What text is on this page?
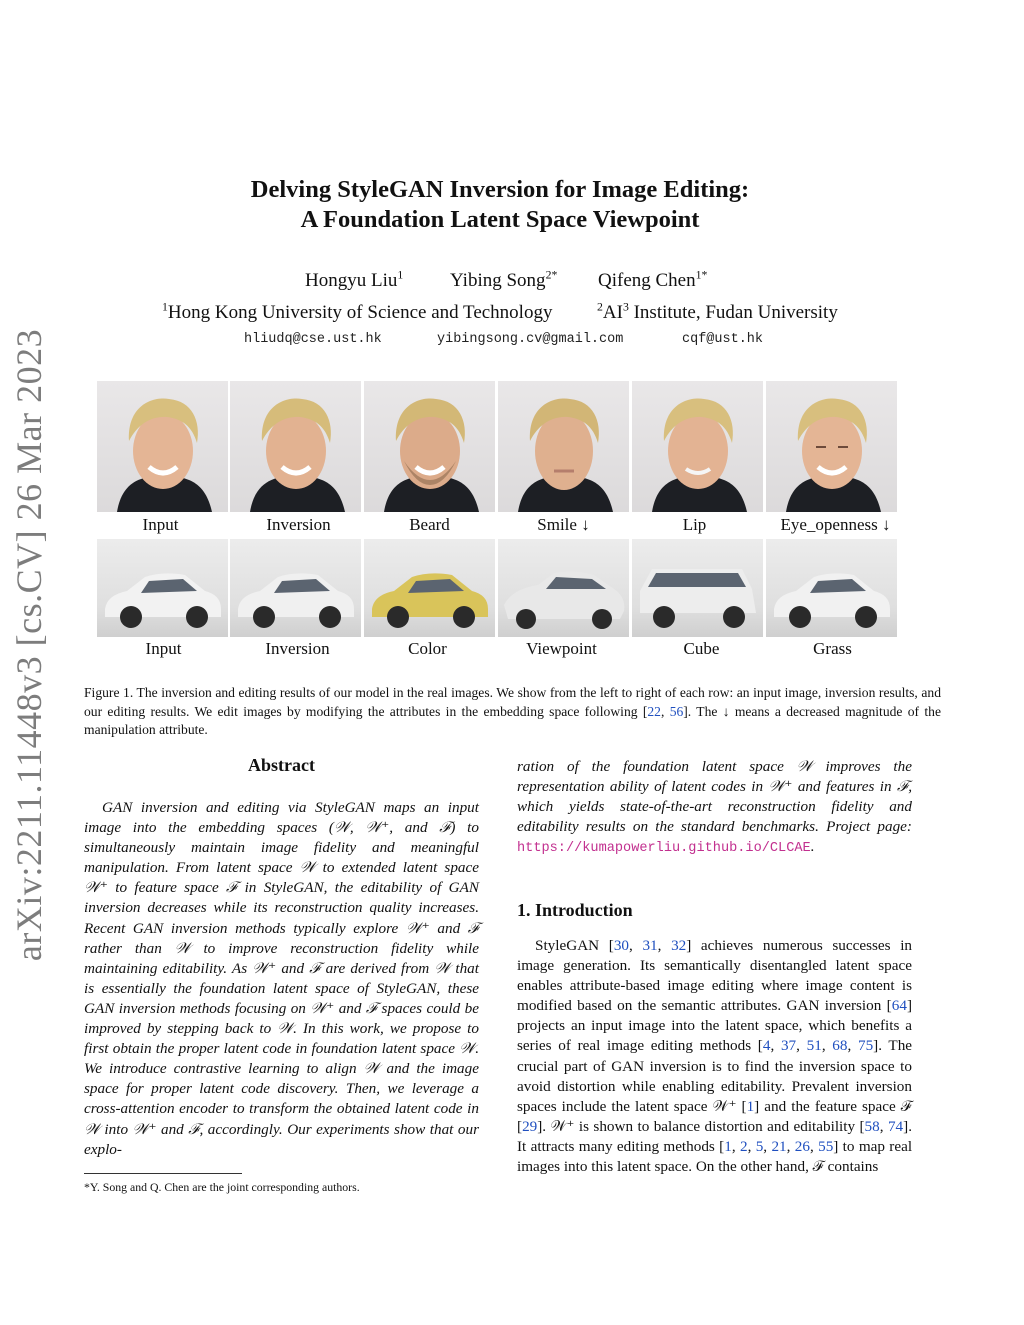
arXiv:2211.11448v3 [cs.CV] 26 Mar 2023
Delving StyleGAN Inversion for Image Editing:
A Foundation Latent Space Viewpoint
Hongyu Liu$^1$ Yibing Song$^{2*}$ Qifeng Chen$^{1*}$
$^1$Hong Kong University of Science and Technology	$^2AI^3$ Institute, Fudan University
hliudq@cse.ust.hk	yibingsong.cv@gmail.com	cqf@ust.hk
Input	Inversion	Beard	Smile ↓	Lip	Eye_openness ↓
Input	Inversion	Color	Viewpoint	Cube	Grass
Figure 1. The inversion and editing results of our model in the real images. We show from the left to right of each row: an input image, inversion results, and our editing results. We edit images by modifying the attributes in the embedding space following [22, 56]. The ↓ means a decreased magnitude of the manipulation attribute.
Abstract
GAN inversion and editing via StyleGAN maps an input image into the embedding spaces (𝒲, 𝒲⁺, and ℱ) to simultaneously maintain image fidelity and meaningful manipulation. From latent space 𝒲 to extended latent space 𝒲⁺ to feature space ℱ in StyleGAN, the editability of GAN inversion decreases while its reconstruction quality increases. Recent GAN inversion methods typically explore 𝒲⁺ and ℱ rather than 𝒲 to improve reconstruction fidelity while maintaining editability. As 𝒲⁺ and ℱ are derived from 𝒲 that is essentially the foundation latent space of StyleGAN, these GAN inversion methods focusing on 𝒲⁺ and ℱ spaces could be improved by stepping back to 𝒲. In this work, we propose to first obtain the proper latent code in foundation latent space 𝒲. We introduce contrastive learning to align 𝒲 and the image space for proper latent code discovery. Then, we leverage a cross-attention encoder to transform the obtained latent code in 𝒲 into 𝒲⁺ and ℱ, accordingly. Our experiments show that our explo-
ration of the foundation latent space 𝒲 improves the representation ability of latent codes in 𝒲⁺ and features in ℱ, which yields state-of-the-art reconstruction fidelity and editability results on the standard benchmarks. Project page: https://kumapowerliu.github.io/CLCAE.
1. Introduction
StyleGAN [30, 31, 32] achieves numerous successes in image generation. Its semantically disentangled latent space enables attribute-based image editing where image content is modified based on the semantic attributes. GAN inversion [64] projects an input image into the latent space, which benefits a series of real image editing methods [4, 37, 51, 68, 75]. The crucial part of GAN inversion is to find the inversion space to avoid distortion while enabling editability. Prevalent inversion spaces include the latent space 𝒲⁺ [1] and the feature space ℱ [29]. 𝒲⁺ is shown to balance distortion and editability [58, 74]. It attracts many editing methods [1, 2, 5, 21, 26, 55] to map real images into this latent space. On the other hand, ℱ contains
*Y. Song and Q. Chen are the joint corresponding authors.
